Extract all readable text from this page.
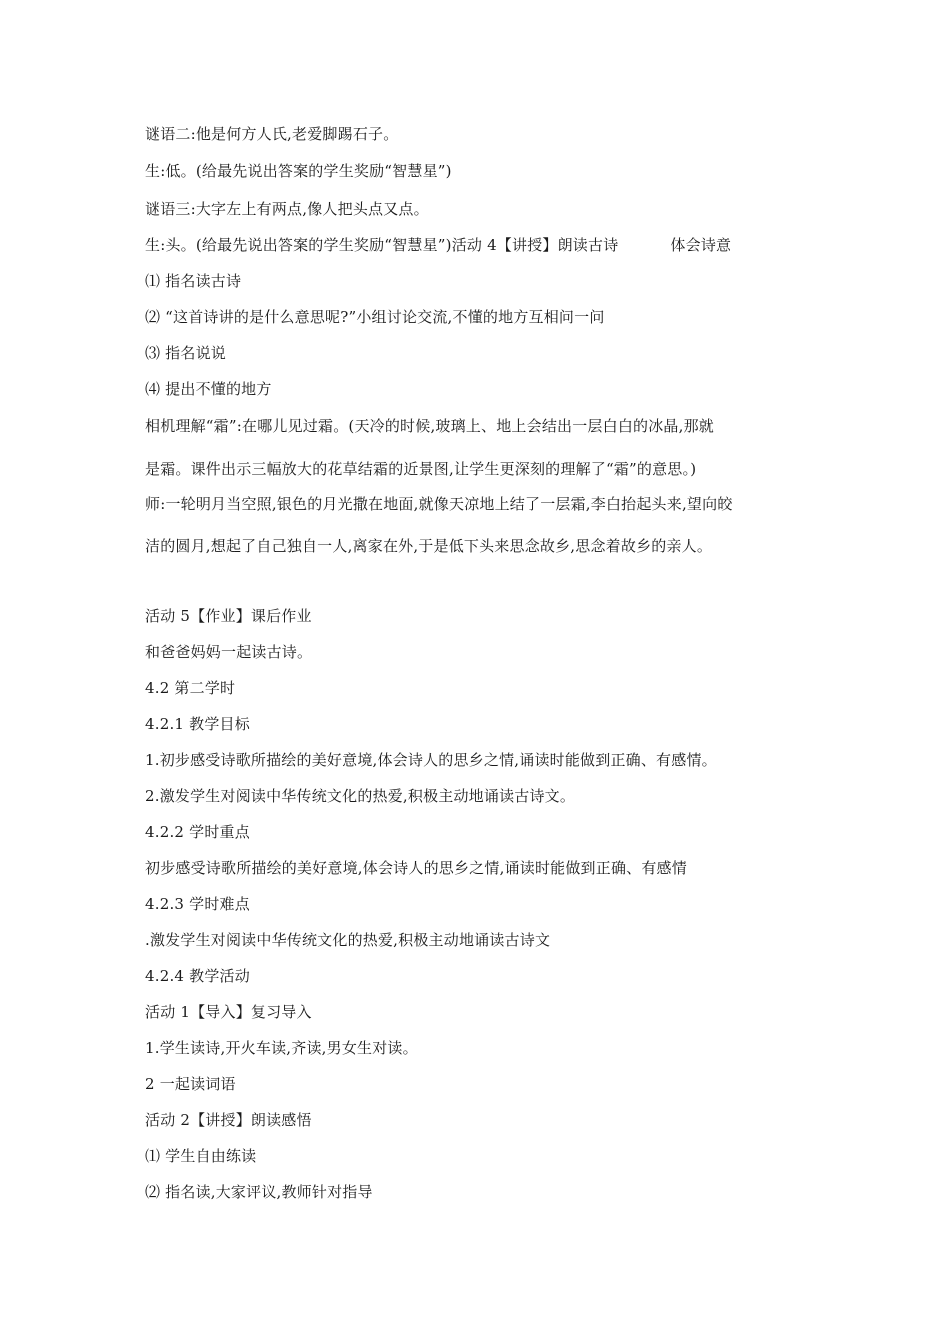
谜语二:他是何方人氏,老爱脚踢石子。
生:低。(给最先说出答案的学生奖励“智慧星”)
谜语三:大字左上有两点,像人把头点又点。
生:头。(给最先说出答案的学生奖励“智慧星”)活动 4【讲授】朗读古诗	体会诗意
⑴ 指名读古诗
⑵ “这首诗讲的是什么意思呢?”小组讨论交流,不懂的地方互相问一问
⑶ 指名说说
⑷ 提出不懂的地方
相机理解“霜”:在哪儿见过霜。(天冷的时候,玻璃上、地上会结出一层白白的冰晶,那就
是霜。课件出示三幅放大的花草结霜的近景图,让学生更深刻的理解了“霜”的意思。)
师:一轮明月当空照,银色的月光撒在地面,就像天凉地上结了一层霜,李白抬起头来,望向皎
洁的圆月,想起了自己独自一人,离家在外,于是低下头来思念故乡,思念着故乡的亲人。
活动 5【作业】课后作业
和爸爸妈妈一起读古诗。
4.2 第二学时
4.2.1 教学目标
1.初步感受诗歌所描绘的美好意境,体会诗人的思乡之情,诵读时能做到正确、有感情。
2.激发学生对阅读中华传统文化的热爱,积极主动地诵读古诗文。
4.2.2 学时重点
初步感受诗歌所描绘的美好意境,体会诗人的思乡之情,诵读时能做到正确、有感情
4.2.3 学时难点
.激发学生对阅读中华传统文化的热爱,积极主动地诵读古诗文
4.2.4 教学活动
活动 1【导入】复习导入
1.学生读诗,开火车读,齐读,男女生对读。
2 一起读词语
活动 2【讲授】朗读感悟
⑴ 学生自由练读
⑵ 指名读,大家评议,教师针对指导
